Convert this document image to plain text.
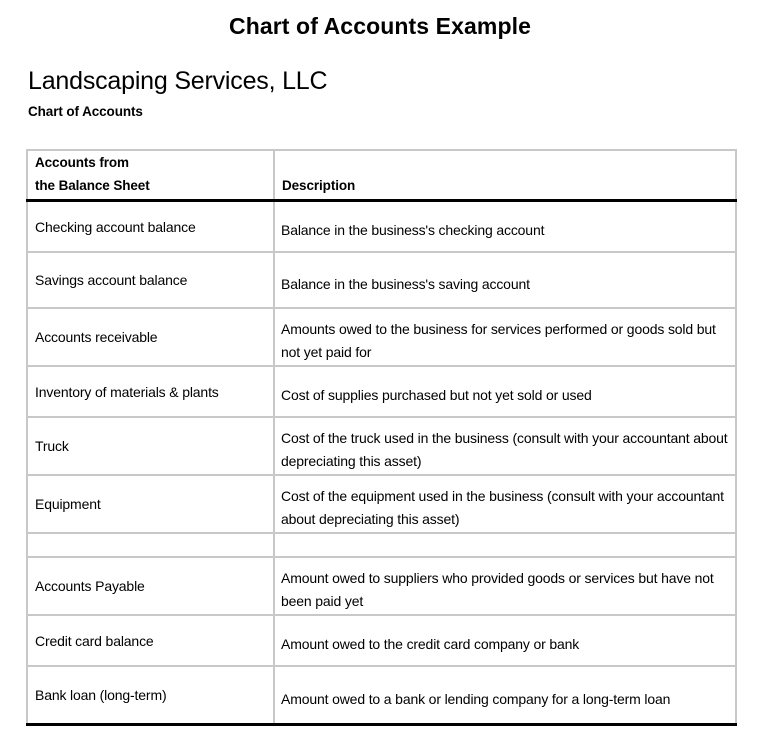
Chart of Accounts Example
Landscaping Services, LLC
Chart of Accounts
Accounts from
the Balance Sheet	Description

Checking account balance	Balance in the business's checking account

Savings account balance	Balance in the business's saving account

Accounts receivable	Amounts owed to the business for services performed or goods sold but not yet paid for

Inventory of materials & plants	Cost of supplies purchased but not yet sold or used

Truck	Cost of the truck used in the business (consult with your accountant about depreciating this asset)

Equipment	Cost of the equipment used in the business (consult with your accountant about depreciating this asset)

Accounts Payable	Amount owed to suppliers who provided goods or services but have not been paid yet

Credit card balance	Amount owed to the credit card company or bank

Bank loan (long-term)	Amount owed to a bank or lending company for a long-term loan
